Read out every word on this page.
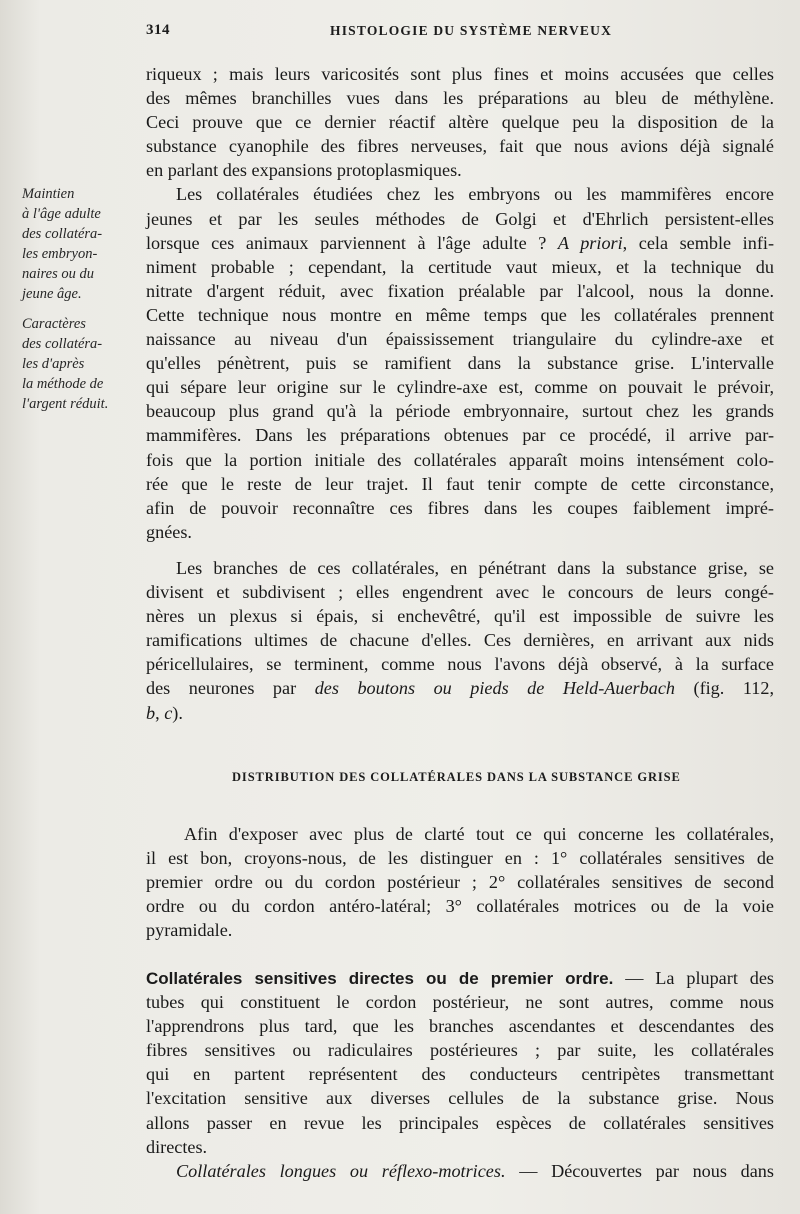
314	HISTOLOGIE DU SYSTÈME NERVEUX
Maintien
à l'âge adulte
des collatéra-
les embryon-
naires ou du
jeune âge.
Caractères
des collatéra-
les d'après
la méthode de
l'argent réduit.
riqueux ; mais leurs varicosités sont plus fines et moins accusées que celles
des mêmes branchilles vues dans les préparations au bleu de méthylène.
Ceci prouve que ce dernier réactif altère quelque peu la disposition de la
substance cyanophile des fibres nerveuses, fait que nous avions déjà signalé
en parlant des expansions protoplasmiques.
Les collatérales étudiées chez les embryons ou les mammifères encore
jeunes et par les seules méthodes de Golgi et d'Ehrlich persistent-elles
lorsque ces animaux parviennent à l'âge adulte ? A priori, cela semble infi-
niment probable ; cependant, la certitude vaut mieux, et la technique du
nitrate d'argent réduit, avec fixation préalable par l'alcool, nous la donne.
Cette technique nous montre en même temps que les collatérales prennent
naissance au niveau d'un épaississement triangulaire du cylindre-axe et
qu'elles pénètrent, puis se ramifient dans la substance grise. L'intervalle
qui sépare leur origine sur le cylindre-axe est, comme on pouvait le prévoir,
beaucoup plus grand qu'à la période embryonnaire, surtout chez les grands
mammifères. Dans les préparations obtenues par ce procédé, il arrive par-
fois que la portion initiale des collatérales apparaît moins intensément colo-
rée que le reste de leur trajet. Il faut tenir compte de cette circonstance,
afin de pouvoir reconnaître ces fibres dans les coupes faiblement impré-
gnées.
Les branches de ces collatérales, en pénétrant dans la substance grise, se
divisent et subdivisent ; elles engendrent avec le concours de leurs congé-
nères un plexus si épais, si enchevêtré, qu'il est impossible de suivre les
ramifications ultimes de chacune d'elles. Ces dernières, en arrivant aux nids
péricellulaires, se terminent, comme nous l'avons déjà observé, à la surface
des neurones par des boutons ou pieds de Held-Auerbach (fig. 112,
b, c).
DISTRIBUTION DES COLLATÉRALES DANS LA SUBSTANCE GRISE
Afin d'exposer avec plus de clarté tout ce qui concerne les collatérales,
il est bon, croyons-nous, de les distinguer en : 1° collatérales sensitives de
premier ordre ou du cordon postérieur ; 2° collatérales sensitives de second
ordre ou du cordon antéro-latéral; 3° collatérales motrices ou de la voie
pyramidale.
Collatérales sensitives directes ou de premier ordre. — La plupart des
tubes qui constituent le cordon postérieur, ne sont autres, comme nous
l'apprendrons plus tard, que les branches ascendantes et descendantes des
fibres sensitives ou radiculaires postérieures ; par suite, les collatérales
qui en partent représentent des conducteurs centripètes transmettant
l'excitation sensitive aux diverses cellules de la substance grise. Nous
allons passer en revue les principales espèces de collatérales sensitives
directes.
Collatérales longues ou réflexo-motrices. — Découvertes par nous dans
